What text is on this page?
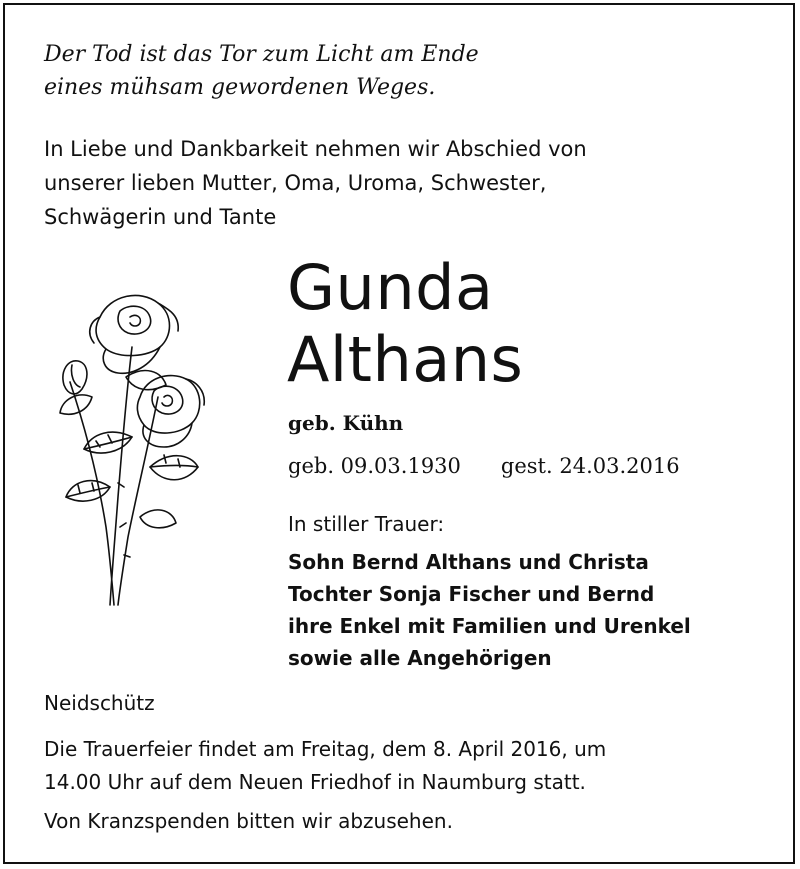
Der Tod ist das Tor zum Licht am Ende
eines mühsam gewordenen Weges.
In Liebe und Dankbarkeit nehmen wir Abschied von
unserer lieben Mutter, Oma, Uroma, Schwester,
Schwägerin und Tante
Gunda
Althans
geb. Kühn
geb. 09.03.1930 gest. 24.03.2016
In stiller Trauer:
Sohn Bernd Althans und Christa
Tochter Sonja Fischer und Bernd
ihre Enkel mit Familien und Urenkel
sowie alle Angehörigen
Neidschütz
Die Trauerfeier findet am Freitag, dem 8. April 2016, um
14.00 Uhr auf dem Neuen Friedhof in Naumburg statt.
Von Kranzspenden bitten wir abzusehen.
